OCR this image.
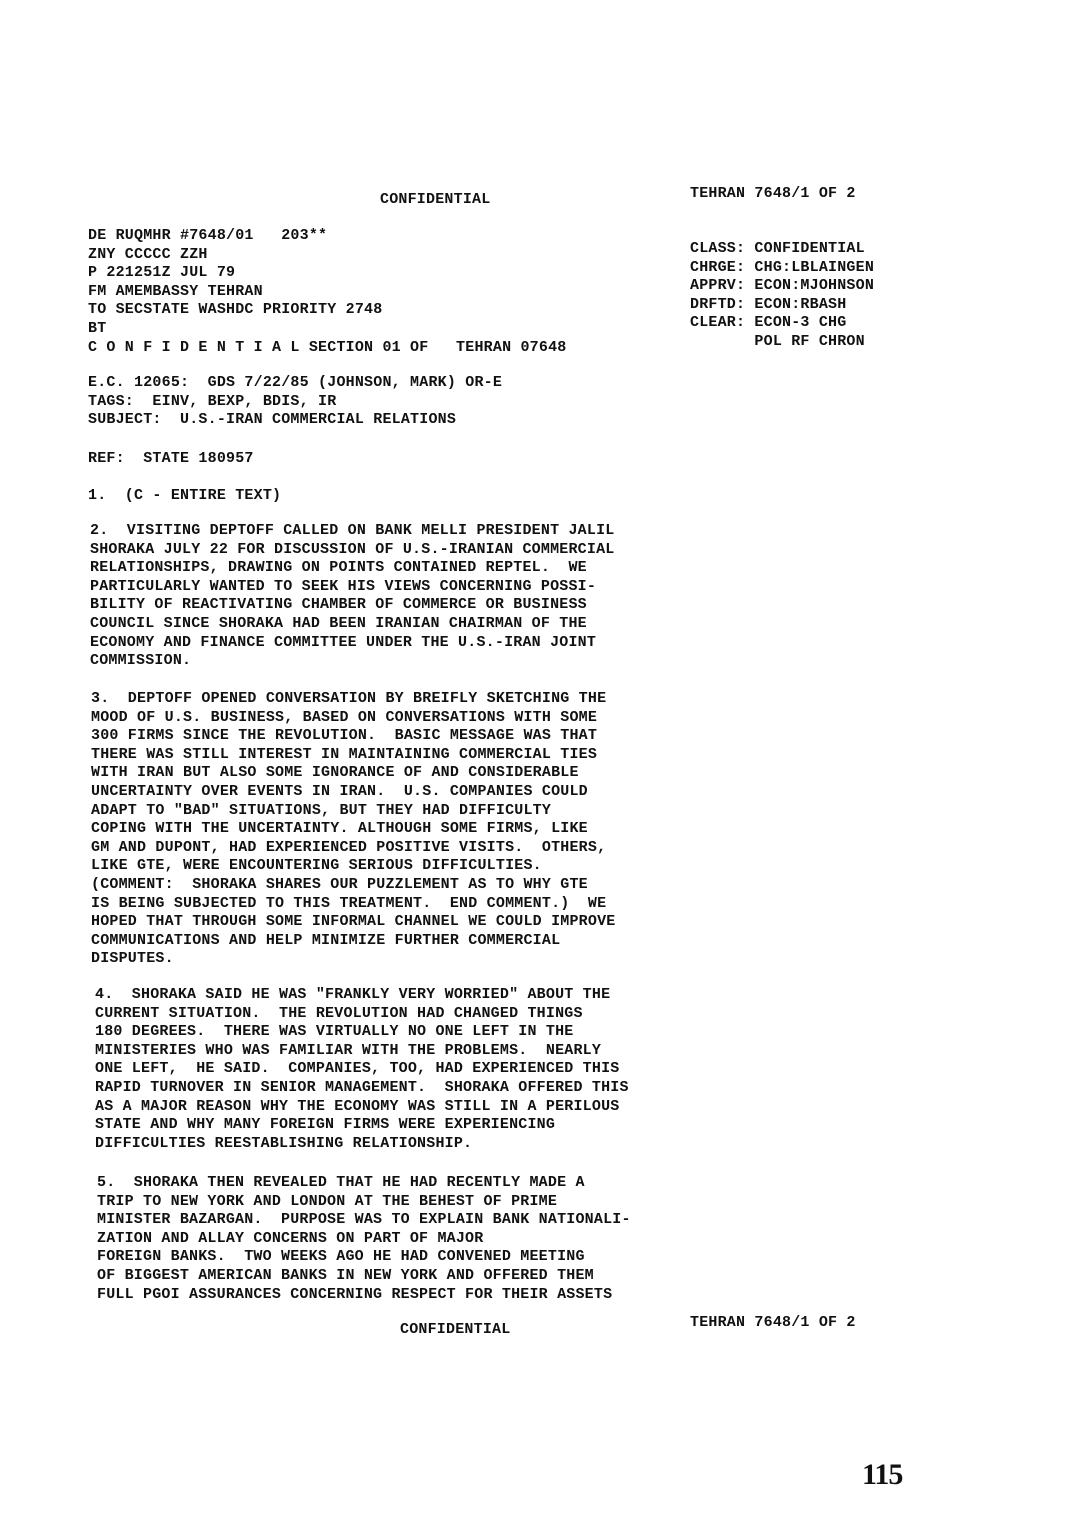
CONFIDENTIAL	TEHRAN 7648/1 OF 2
DE RUQMHR #7648/01   203**
ZNY CCCCC ZZH
P 221251Z JUL 79
FM AMEMBASSY TEHRAN
TO SECSTATE WASHDC PRIORITY 2748
BT
C O N F I D E N T I A L SECTION 01 OF   TEHRAN 07648
CLASS: CONFIDENTIAL
CHRGE: CHG:LBLAINGEN
APPRV: ECON:MJOHNSON
DRFTD: ECON:RBASH
CLEAR: ECON-3 CHG
POL RF CHRON
E.C. 12065:  GDS 7/22/85 (JOHNSON, MARK) OR-E
TAGS:  EINV, BEXP, BDIS, IR
SUBJECT:  U.S.-IRAN COMMERCIAL RELATIONS
REF:  STATE 180957
1.  (C - ENTIRE TEXT)
2.  VISITING DEPTOFF CALLED ON BANK MELLI PRESIDENT JALIL
SHORAKA JULY 22 FOR DISCUSSION OF U.S.-IRANIAN COMMERCIAL
RELATIONSHIPS, DRAWING ON POINTS CONTAINED REPTEL.  WE
PARTICULARLY WANTED TO SEEK HIS VIEWS CONCERNING POSSI-
BILITY OF REACTIVATING CHAMBER OF COMMERCE OR BUSINESS
COUNCIL SINCE SHORAKA HAD BEEN IRANIAN CHAIRMAN OF THE
ECONOMY AND FINANCE COMMITTEE UNDER THE U.S.-IRAN JOINT
COMMISSION.
3.  DEPTOFF OPENED CONVERSATION BY BREIFLY SKETCHING THE
MOOD OF U.S. BUSINESS, BASED ON CONVERSATIONS WITH SOME
300 FIRMS SINCE THE REVOLUTION.  BASIC MESSAGE WAS THAT
THERE WAS STILL INTEREST IN MAINTAINING COMMERCIAL TIES
WITH IRAN BUT ALSO SOME IGNORANCE OF AND CONSIDERABLE
UNCERTAINTY OVER EVENTS IN IRAN.  U.S. COMPANIES COULD
ADAPT TO "BAD" SITUATIONS, BUT THEY HAD DIFFICULTY
COPING WITH THE UNCERTAINTY. ALTHOUGH SOME FIRMS, LIKE
GM AND DUPONT, HAD EXPERIENCED POSITIVE VISITS.  OTHERS,
LIKE GTE, WERE ENCOUNTERING SERIOUS DIFFICULTIES.
(COMMENT:  SHORAKA SHARES OUR PUZZLEMENT AS TO WHY GTE
IS BEING SUBJECTED TO THIS TREATMENT.  END COMMENT.)  WE
HOPED THAT THROUGH SOME INFORMAL CHANNEL WE COULD IMPROVE
COMMUNICATIONS AND HELP MINIMIZE FURTHER COMMERCIAL
DISPUTES.
4.  SHORAKA SAID HE WAS "FRANKLY VERY WORRIED" ABOUT THE
CURRENT SITUATION.  THE REVOLUTION HAD CHANGED THINGS
180 DEGREES.  THERE WAS VIRTUALLY NO ONE LEFT IN THE
MINISTERIES WHO WAS FAMILIAR WITH THE PROBLEMS.  NEARLY
ONE LEFT,  HE SAID.  COMPANIES, TOO, HAD EXPERIENCED THIS
RAPID TURNOVER IN SENIOR MANAGEMENT.  SHORAKA OFFERED THIS
AS A MAJOR REASON WHY THE ECONOMY WAS STILL IN A PERILOUS
STATE AND WHY MANY FOREIGN FIRMS WERE EXPERIENCING
DIFFICULTIES REESTABLISHING RELATIONSHIP.
5.  SHORAKA THEN REVEALED THAT HE HAD RECENTLY MADE A
TRIP TO NEW YORK AND LONDON AT THE BEHEST OF PRIME
MINISTER BAZARGAN.  PURPOSE WAS TO EXPLAIN BANK NATIONALI-
ZATION AND ALLAY CONCERNS ON PART OF MAJOR
FOREIGN BANKS.  TWO WEEKS AGO HE HAD CONVENED MEETING
OF BIGGEST AMERICAN BANKS IN NEW YORK AND OFFERED THEM
FULL PGOI ASSURANCES CONCERNING RESPECT FOR THEIR ASSETS
CONFIDENTIAL	TEHRAN 7648/1 OF 2
115
